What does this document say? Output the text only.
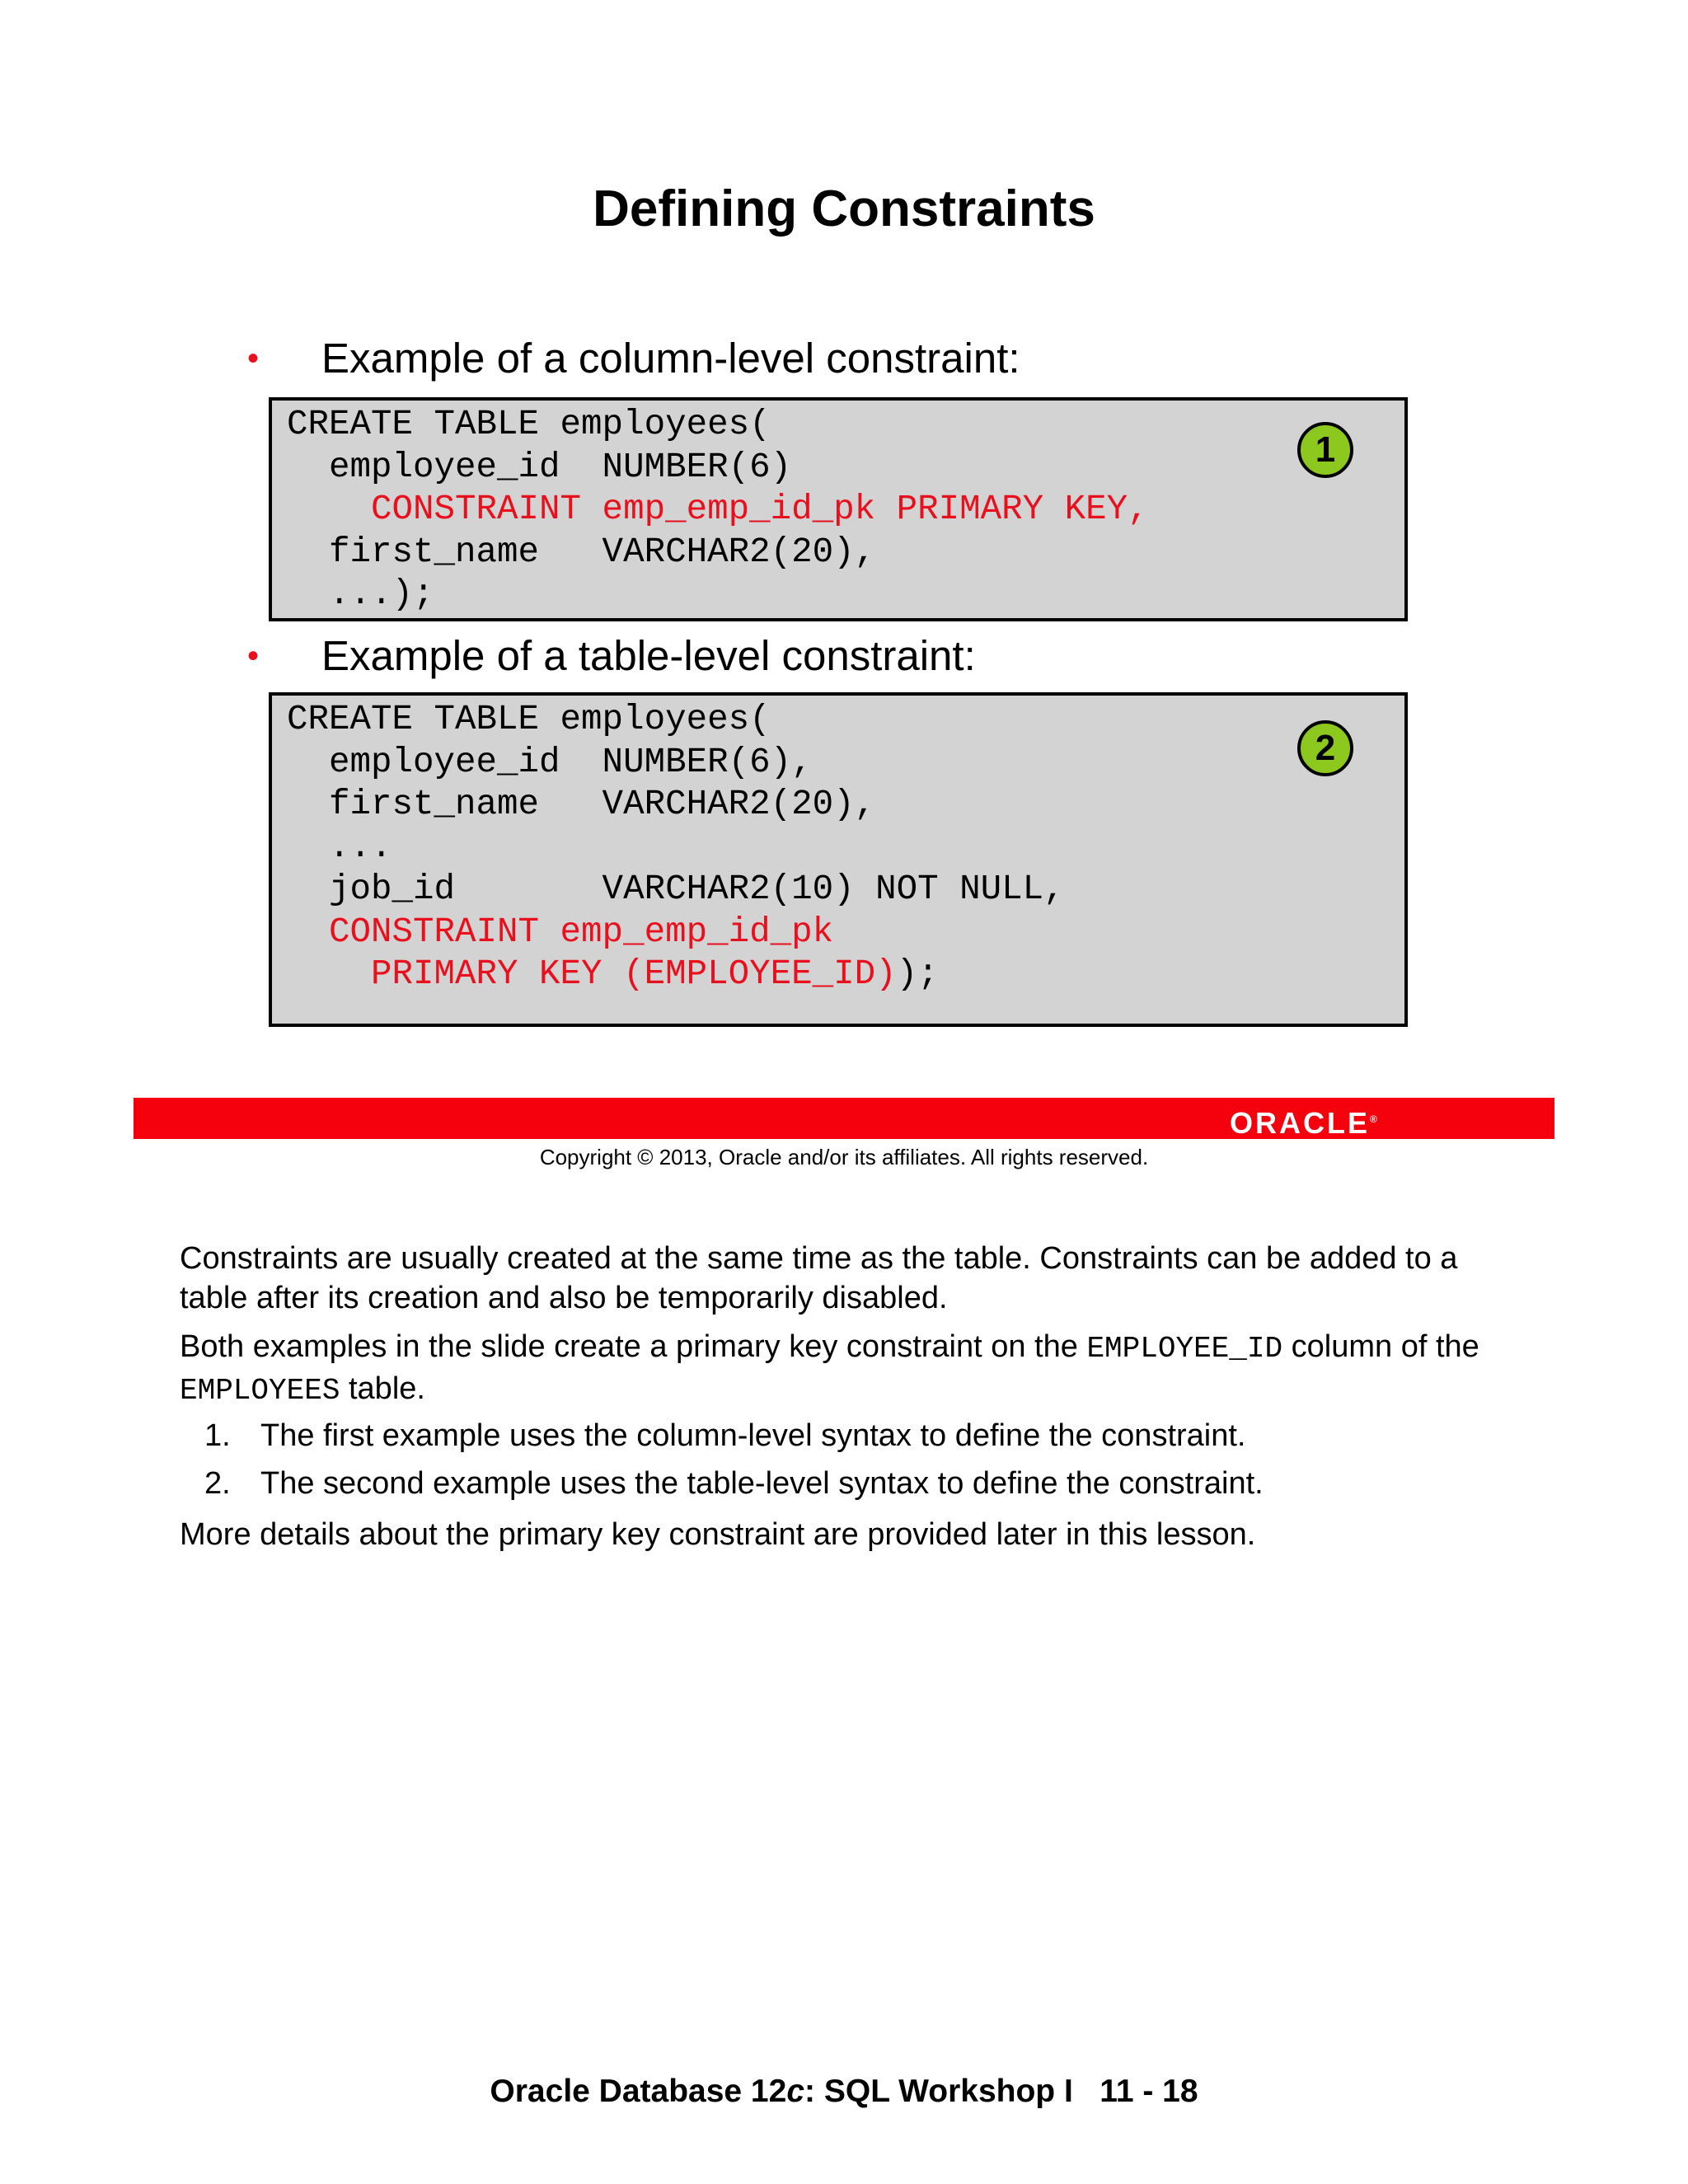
Defining Constraints
•	Example of a column-level constraint:
CREATE TABLE employees(
employee_id  NUMBER(6)
CONSTRAINT emp_emp_id_pk PRIMARY KEY,
first_name   VARCHAR2(20),
...);
1
•	Example of a table-level constraint:
CREATE TABLE employees(
employee_id  NUMBER(6),
first_name   VARCHAR2(20),
...
job_id       VARCHAR2(10) NOT NULL,
CONSTRAINT emp_emp_id_pk
PRIMARY KEY (EMPLOYEE_ID));
2
ORACLE®
Copyright © 2013, Oracle and/or its affiliates. All rights reserved.

Constraints are usually created at the same time as the table. Constraints can be added to a table after its creation and also be temporarily disabled.

Both examples in the slide create a primary key constraint on the EMPLOYEE_ID column of the EMPLOYEES table.

1. The first example uses the column-level syntax to define the constraint.
2. The second example uses the table-level syntax to define the constraint.

More details about the primary key constraint are provided later in this lesson.

Oracle Database 12c: SQL Workshop I   11 - 18
